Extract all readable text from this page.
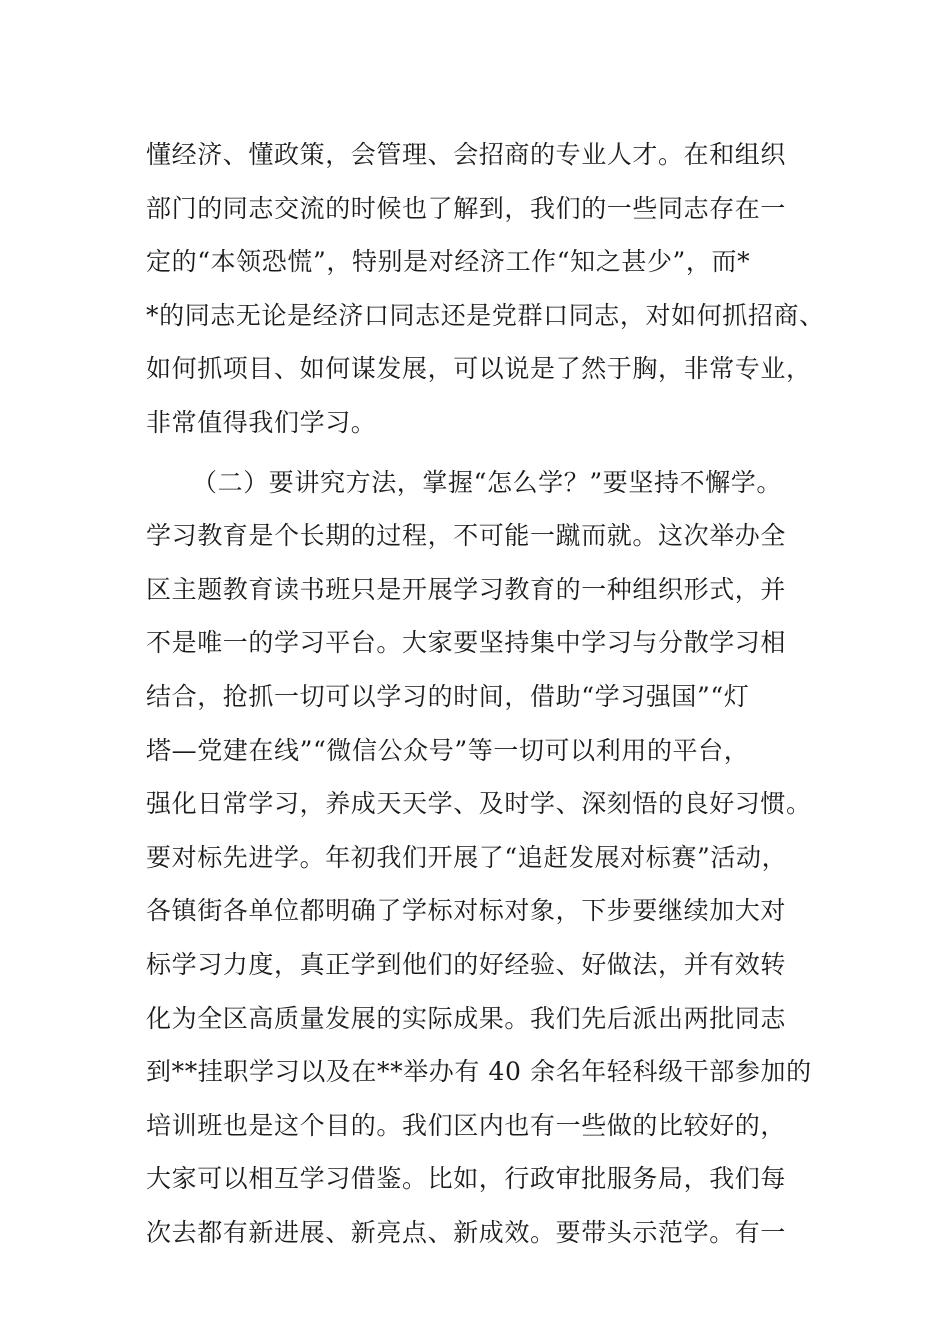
懂经济、懂政策，会管理、会招商的专业人才。在和组织
部门的同志交流的时候也了解到，我们的一些同志存在一
定的“本领恐慌”，特别是对经济工作“知之甚少”，而*
*的同志无论是经济口同志还是党群口同志，对如何抓招商、
如何抓项目、如何谋发展，可以说是了然于胸，非常专业，
非常值得我们学习。
（二）要讲究方法，掌握“怎么学？”要坚持不懈学。
学习教育是个长期的过程，不可能一蹴而就。这次举办全
区主题教育读书班只是开展学习教育的一种组织形式，并
不是唯一的学习平台。大家要坚持集中学习与分散学习相
结合，抢抓一切可以学习的时间，借助“学习强国”“灯
塔—党建在线”“微信公众号”等一切可以利用的平台，
强化日常学习，养成天天学、及时学、深刻悟的良好习惯。
要对标先进学。年初我们开展了“追赶发展对标赛”活动，
各镇街各单位都明确了学标对标对象，下步要继续加大对
标学习力度，真正学到他们的好经验、好做法，并有效转
化为全区高质量发展的实际成果。我们先后派出两批同志
到**挂职学习以及在**举办有 40 余名年轻科级干部参加的
培训班也是这个目的。我们区内也有一些做的比较好的，
大家可以相互学习借鉴。比如，行政审批服务局，我们每
次去都有新进展、新亮点、新成效。要带头示范学。有一
